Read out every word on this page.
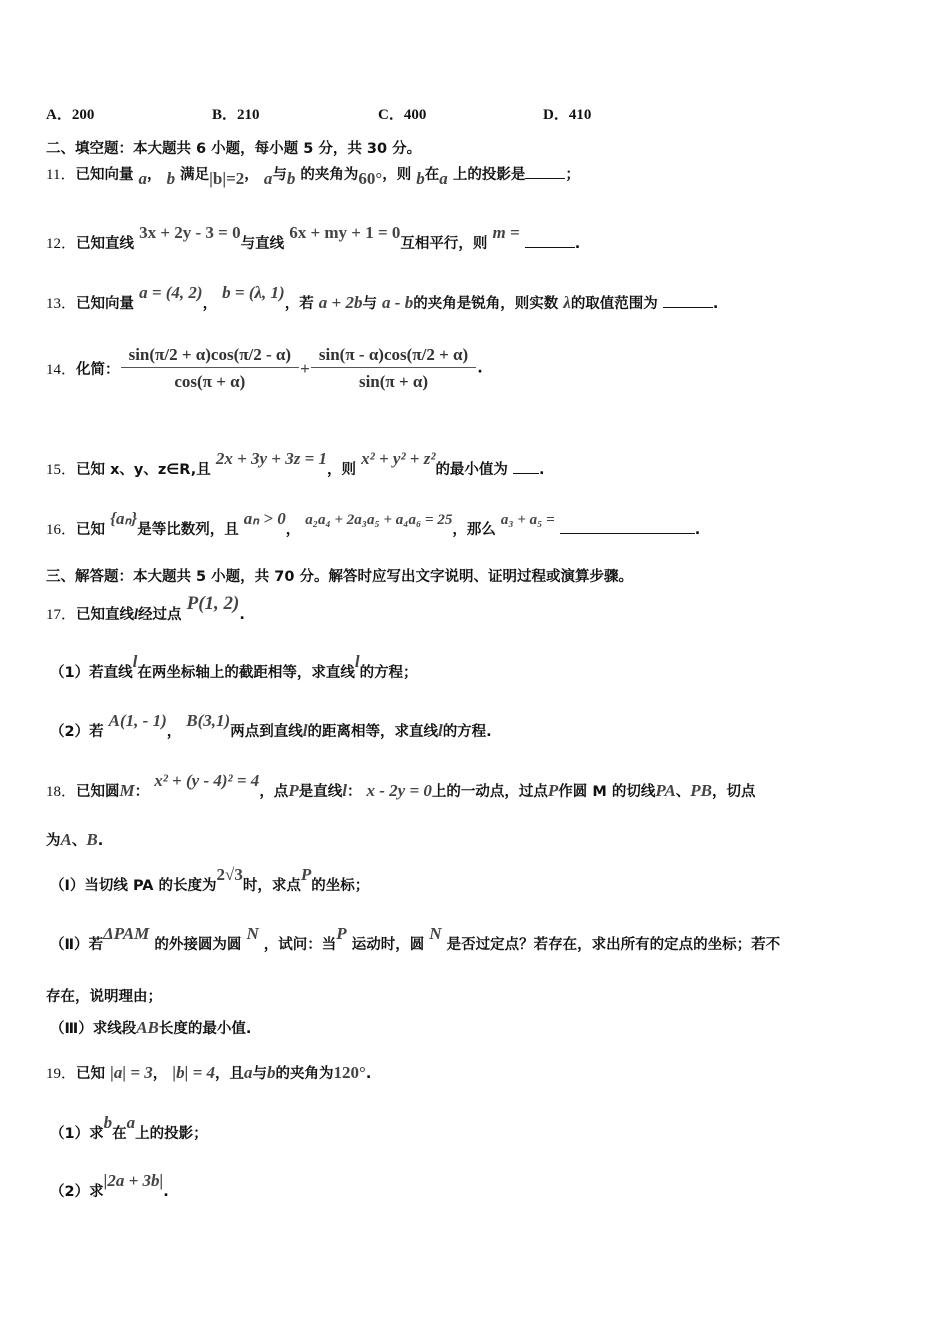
A．200	B．210	C．400	D．410
二、填空题：本大题共 6 小题，每小题 5 分，共 30 分。
11．已知向量 a， b 满足|b|=2， a与b 的夹角为60°，则 b在a 上的投影是	；
12．已知直线 3x + 2y - 3 = 0与直线 6x + my + 1 = 0互相平行，则 m = .
13．已知向量 a = (4, 2)， b = (λ, 1)，若 a + 2b与 a - b的夹角是锐角，则实数 λ的取值范围为	.
14．化简： $\frac{\sin(\pi/2 + \alpha)\cos(\pi/2 - \alpha)}{\cos(\pi + \alpha)} + \frac{\sin(\pi - \alpha)\cos(\pi/2 + \alpha)}{\sin(\pi + \alpha)}$ .
15．已知 x、y、z∈R,且 2x + 3y + 3z = 1，则 x² + y² + z²的最小值为 .
16．已知 {aₙ}是等比数列，且 aₙ > 0， a₂a₄ + 2a₃a₅ + a₄a₆ = 25，那么 a₃ + a₅ = .
三、解答题：本大题共 5 小题，共 70 分。解答时应写出文字说明、证明过程或演算步骤。
17．已知直线l经过点 P(1, 2).
（1）若直线l在两坐标轴上的截距相等，求直线l的方程；
（2）若 A(1, - 1)， B(3,1)两点到直线l的距离相等，求直线l的方程.
18．已知圆M： x² + (y - 4)² = 4，点P是直线l： x - 2y = 0上的一动点，过点P作圆 M 的切线PA、PB，切点
为A、B.
（Ⅰ）当切线 PA 的长度为2√3时，求点P的坐标；
（Ⅱ）若ΔPAM 的外接圆为圆 N ，试问：当P 运动时，圆 N 是否过定点？若存在，求出所有的定点的坐标；若不
存在，说明理由；
（Ⅲ）求线段AB长度的最小值.
19．已知 |a| = 3， |b| = 4，且a与b的夹角为120°.
（1）求b在a上的投影；
（2）求|2a + 3b|.
